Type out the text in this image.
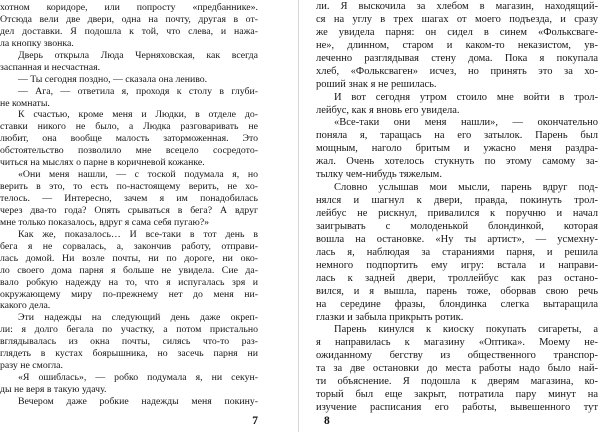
хотном коридоре, или попросту «предбаннике».
Отсюда вели две двери, одна на почту, другая в от-
дел доставки. Я подошла к той, что слева, и нажа-
ла кнопку звонка.
Дверь открыла Люда Черняховская, как всегда
заспанная и несчастная.
— Ты сегодня поздно, — сказала она лениво.
— Ага, — ответила я, проходя к столу в глуби-
не комнаты.
К счастью, кроме меня и Людки, в отделе до-
ставки никого не было, а Людка разговаривать не
любит, она вообще малость заторможенная. Это
обстоятельство позволило мне всецело сосредото-
читься на мыслях о парне в коричневой кожанке.
«Они меня нашли, — с тоской подумала я, но
верить в это, то есть по-настоящему верить, не хо-
телось. — Интересно, зачем я им понадобилась
через два-то года? Опять срываться в бега? А вдруг
мне только показалось, вдруг я сама себя пугаю?»
Как же, показалось… И все-таки в тот день в
бега я не сорвалась, а, закончив работу, отправи-
лась домой. Ни возле почты, ни по дороге, ни око-
ло своего дома парня я больше не увидела. Сие да-
вало робкую надежду на то, что я испугалась зря и
окружающему миру по-прежнему нет до меня ни-
какого дела.
Эти надежды на следующий день даже окреп-
ли: я долго бегала по участку, а потом пристально
вглядывалась из окна почты, силясь что-то раз-
глядеть в кустах боярышника, но засечь парня ни
разу не смогла.
«Я ошиблась», — робко подумала я, ни секун-
ды не веря в такую удачу.
Вечером даже робкие надежды меня покину-
7
ли. Я выскочила за хлебом в магазин, находящий-
ся на углу в трех шагах от моего подъезда, и сразу
же увидела парня: он сидел в синем «Фольксваге-
не», длинном, старом и каком-то неказистом, ув-
леченно разглядывая стену дома. Пока я покупала
хлеб, «Фольксваген» исчез, но принять это за хо-
роший знак я не решилась.
И вот сегодня утром стоило мне войти в трол-
лейбус, как я вновь его увидела.
«Все-таки они меня нашли», — окончательно
поняла я, таращась на его затылок. Парень был
мощным, наголо бритым и ужасно меня раздра-
жал. Очень хотелось стукнуть по этому самому за-
тылку чем-нибудь тяжелым.
Словно услышав мои мысли, парень вдруг под-
нялся и шагнул к двери, правда, покинуть трол-
лейбус не рискнул, привалился к поручню и начал
заигрывать с молоденькой блондинкой, которая
вошла на остановке. «Ну ты артист», — усмехну-
лась я, наблюдая за стараниями парня, и решила
немного подпортить ему игру: встала и направи-
лась к задней двери, троллейбус как раз остано-
вился, и я вышла, парень тоже, оборвав свою речь
на середине фразы, блондинка слегка вытаращила
глазки и забыла прикрыть ротик.
Парень кинулся к киоску покупать сигареты, а
я направилась к магазину «Оптика». Моему не-
ожиданному бегству из общественного транспор-
та за две остановки до места работы надо было най-
ти объяснение. Я подошла к дверям магазина, ко-
торый был еще закрыт, потратила пару минут на
изучение расписания его работы, вывешенного тут
8
